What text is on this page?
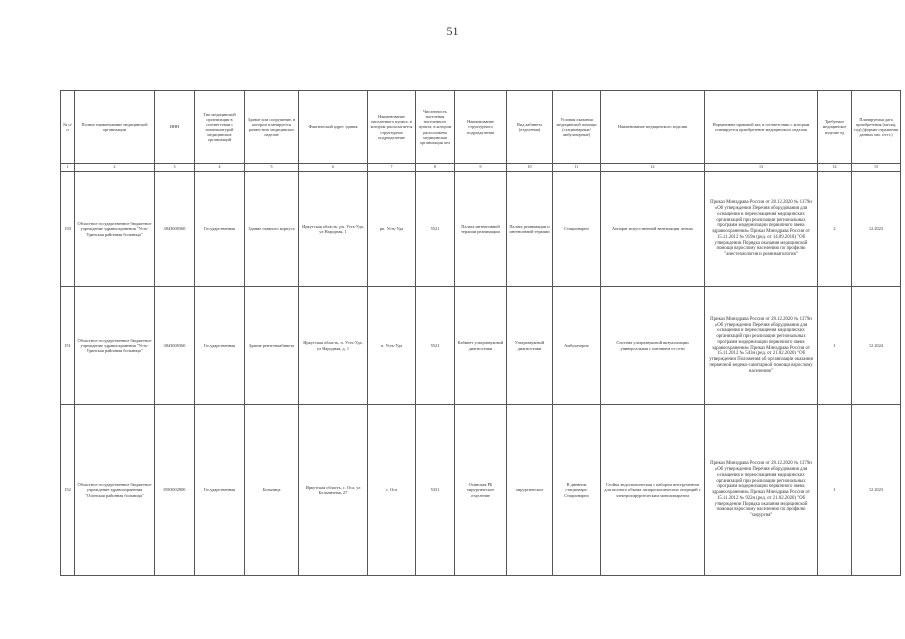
51
№ п/п	Полное наименование медицинской организации	ИНН	Тип медицинской организации в соответствии с номенклатурой медицинских организаций	Здание или сооружение, в котором планируется разместить медицинское изделие	Фактический адрес здания	Наименование населенного пункта, в котором располагается структурное подразделение	Численность населения населенного пункта, в котором расположена медицинская организация чел	Наименование структурного подразделения	Вид кабинета (отделения)	Условия оказания медицинской помощи (стационарные/ амбулаторные)	Наименование медицинского изделия	Нормативно-правовой акт, в соответствии с которым планируется приобретение медицинского изделия	Требуемое медицинское изделие ед	Планируемая дата приобретения (месяц, год) (формат отражения данных мм. ггггг.)
1	2	3	4	5	6	7	8	9	10	11	12	13	14	15
150	Областное государственное бюджетное учреждение здравоохранения "Усть-Удинская районная больница"	3843000360	Государственная	Здание главного корпуса	Иркутская область, рп. Усть-Уда, ул Народная, 1	рп. Усть-Уда	5521	Палата интенсивной терапии реанимации	Палата реанимации и интенсивной терапии	Стационарно	Аппарат искусственной вентиляции легких	Приказ Минздрава России от 28.12.2020 № 1379н «Об утверждении Перечня оборудования для оснащения и переоснащения медицинских организаций при реализации региональных программ модернизации первичного звена здравоохранения» Приказ Минздрава России от 15.11.2012 № 919н (ред. от 14.09.2018) "Об утверждении Порядка оказания медицинской помощи взрослому населению по профилю "анестезиология и реаниматология"	2	12.2023
151	Областное государственное бюджетное учреждение здравоохранения "Усть-Удинская районная больница"	3843000360	Государственная	Здание рентгенкабинета	Иркутская область, п. Усть-Уда, ул Народная, д. 1	п. Усть-Уда	5521	Кабинет ультразвуковой диагностики	Ультразвуковой диагностики	Амбулаторно	Система ультразвуковой визуализации универсальная с питанием от сети	Приказ Минздрава России от 28.12.2020 № 1379н «Об утверждении Перечня оборудования для оснащения и переоснащения медицинских организаций при реализации региональных программ модернизации первичного звена здравоохранения» Приказ Минздрава России от 15.11.2012 № 543н (ред. от 21.02.2020) "Об утверждении Положения об организации оказания первичной медико-санитарной помощи взрослому населению"	1	12.2024
152	Областное государственное бюджетное учреждение здравоохранения "Осинская районная больница"	8503002900	Государственная	Больница	Иркутская область, с. Оса, ул Больничная, 27	с. Оса	5331	Осинская РБ хирургическое отделение	хирургическое	В дневном стационаре, Стационарно	Стойка эндоскопическая с набором инструментов для полного объема лапароскопических операций с электрохирургическим моноаппаратом	Приказ Минздрава России от 28.12.2020 № 1379н «Об утверждении Перечня оборудования для оснащения и переоснащения медицинских организаций при реализации региональных программ модернизации первичного звена здравоохранения» Приказ Минздрава России от 15.11.2012 № 922н (ред. от 21.02.2020) "Об утверждении Порядка оказания медицинской помощи взрослому населению по профилю "хирургия"	1	12.2023
